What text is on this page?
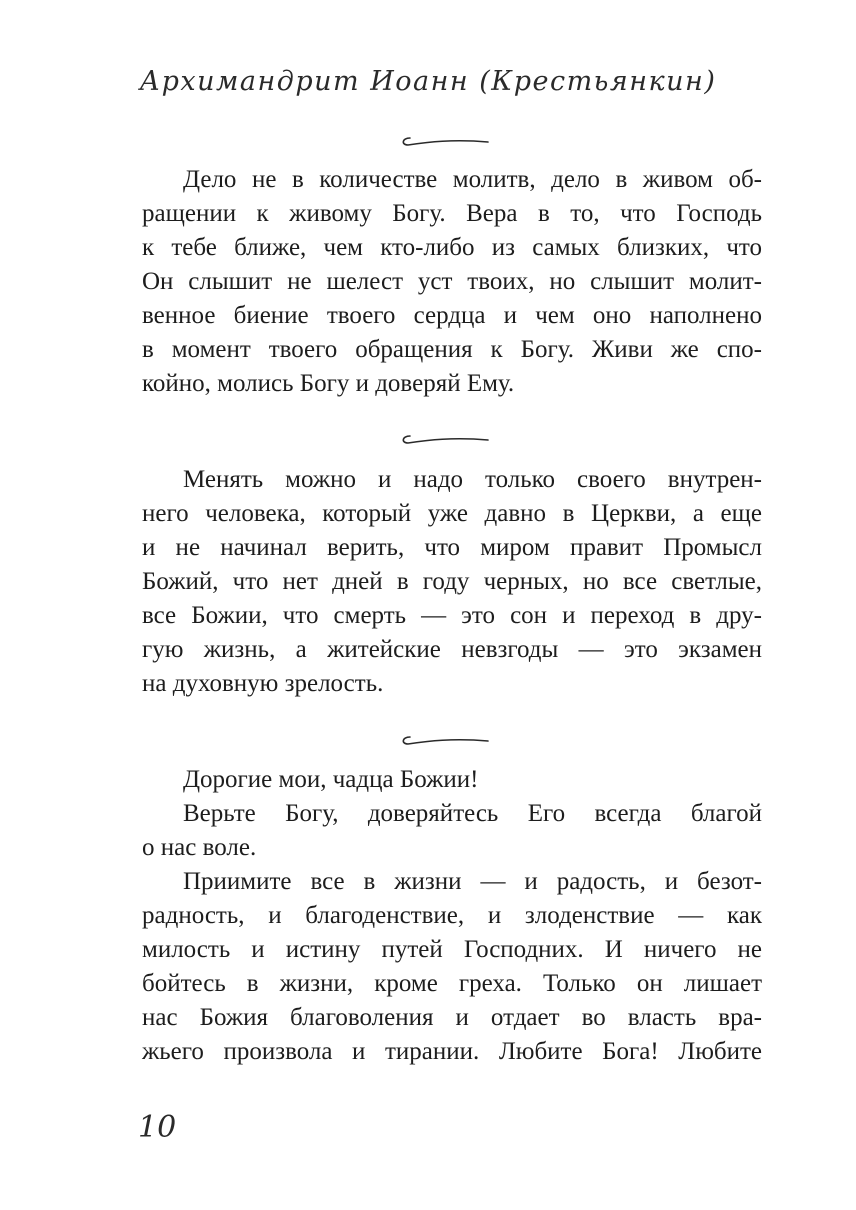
Архимандрит Иоанн (Крестьянкин)
Дело не в количестве молитв, дело в живом об-
ращении к живому Богу. Вера в то, что Господь
к тебе ближе, чем кто-либо из самых близких, что
Он слышит не шелест уст твоих, но слышит молит-
венное биение твоего сердца и чем оно наполнено
в момент твоего обращения к Богу. Живи же спо-
койно, молись Богу и доверяй Ему.
Менять можно и надо только своего внутрен-
него человека, который уже давно в Церкви, а еще
и не начинал верить, что миром правит Промысл
Божий, что нет дней в году черных, но все светлые,
все Божии, что смерть — это сон и переход в дру-
гую жизнь, а житейские невзгоды — это экзамен
на духовную зрелость.
Дорогие мои, чадца Божии!
Верьте Богу, доверяйтесь Его всегда благой
о нас воле.
Приимите все в жизни — и радость, и безот-
радность, и благоденствие, и злоденствие — как
милость и истину путей Господних. И ничего не
бойтесь в жизни, кроме греха. Только он лишает
нас Божия благоволения и отдает во власть вра-
жьего произвола и тирании. Любите Бога! Любите
10
